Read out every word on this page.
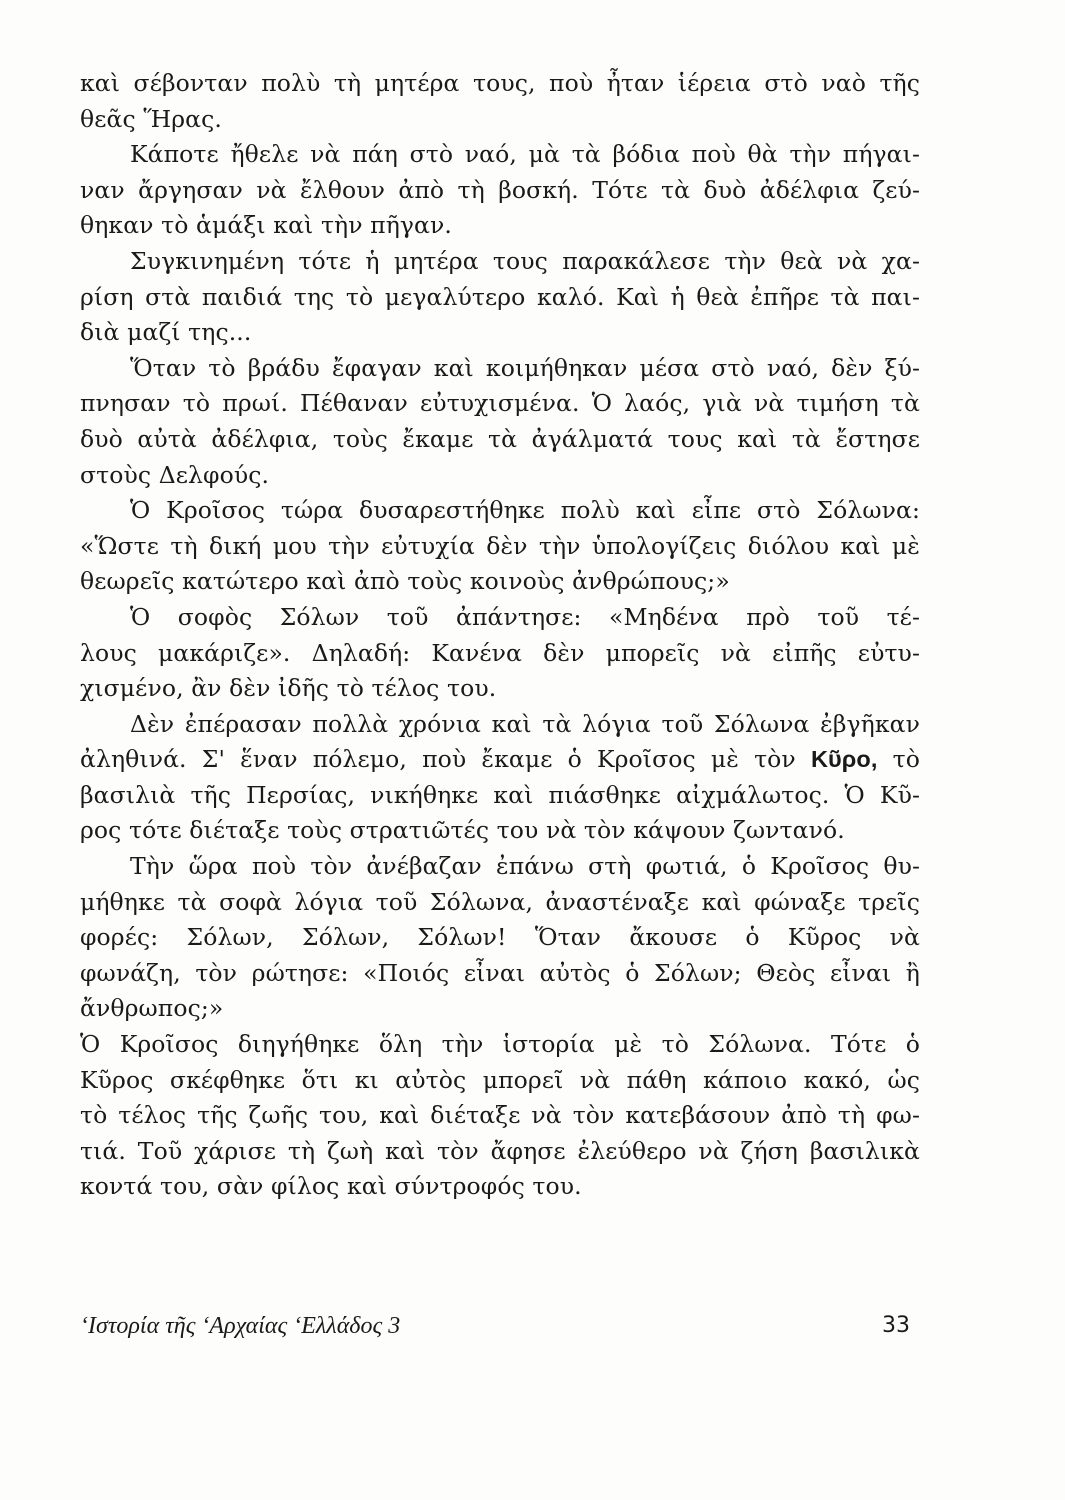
καὶ σέβονταν πολὺ τὴ μητέρα τους, ποὺ ἦταν ἱέρεια στὸ ναὸ τῆς
θεᾶς Ἥρας.
Κάποτε ἤθελε νὰ πάη στὸ ναό, μὰ τὰ βόδια ποὺ θὰ τὴν πήγαι-
ναν ἄργησαν νὰ ἔλθουν ἀπὸ τὴ βοσκή. Τότε τὰ δυὸ ἀδέλφια ζεύ-
θηκαν τὸ ἁμάξι καὶ τὴν πῆγαν.
Συγκινημένη τότε ἡ μητέρα τους παρακάλεσε τὴν θεὰ νὰ χα-
ρίση στὰ παιδιά της τὸ μεγαλύτερο καλό. Καὶ ἡ θεὰ ἐπῆρε τὰ παι-
διὰ μαζί της...
Ὅταν τὸ βράδυ ἔφαγαν καὶ κοιμήθηκαν μέσα στὸ ναό, δὲν ξύ-
πνησαν τὸ πρωί. Πέθαναν εὐτυχισμένα. Ὁ λαός, γιὰ νὰ τιμήση τὰ
δυὸ αὐτὰ ἀδέλφια, τοὺς ἔκαμε τὰ ἀγάλματά τους καὶ τὰ ἔστησε
στοὺς Δελφούς.
Ὁ Κροῖσος τώρα δυσαρεστήθηκε πολὺ καὶ εἶπε στὸ Σόλωνα:
«Ὥστε τὴ δική μου τὴν εὐτυχία δὲν τὴν ὑπολογίζεις διόλου καὶ μὲ
θεωρεῖς κατώτερο καὶ ἀπὸ τοὺς κοινοὺς ἀνθρώπους;»
Ὁ σοφὸς Σόλων τοῦ ἀπάντησε: «Μηδένα πρὸ τοῦ τέ-
λους μακάριζε». Δηλαδή: Κανένα δὲν μπορεῖς νὰ εἰπῆς εὐτυ-
χισμένο, ἂν δὲν ἰδῆς τὸ τέλος του.
Δὲν ἐπέρασαν πολλὰ χρόνια καὶ τὰ λόγια τοῦ Σόλωνα ἐβγῆκαν
ἀληθινά. Σ' ἕναν πόλεμο, ποὺ ἔκαμε ὁ Κροῖσος μὲ τὸν Κῦρο, τὸ
βασιλιὰ τῆς Περσίας, νικήθηκε καὶ πιάσθηκε αἰχμάλωτος. Ὁ Κῦ-
ρος τότε διέταξε τοὺς στρατιῶτές του νὰ τὸν κάψουν ζωντανό.
Τὴν ὥρα ποὺ τὸν ἀνέβαζαν ἐπάνω στὴ φωτιά, ὁ Κροῖσος θυ-
μήθηκε τὰ σοφὰ λόγια τοῦ Σόλωνα, ἀναστέναξε καὶ φώναξε τρεῖς
φορές: Σόλων, Σόλων, Σόλων! Ὅταν ἄκουσε ὁ Κῦρος νὰ
φωνάζη, τὸν ρώτησε: «Ποιός εἶναι αὐτὸς ὁ Σόλων; Θεὸς εἶναι ἢ
ἄνθρωπος;»
Ὁ Κροῖσος διηγήθηκε ὅλη τὴν ἱστορία μὲ τὸ Σόλωνα. Τότε ὁ
Κῦρος σκέφθηκε ὅτι κι αὐτὸς μπορεῖ νὰ πάθη κάποιο κακό, ὡς
τὸ τέλος τῆς ζωῆς του, καὶ διέταξε νὰ τὸν κατεβάσουν ἀπὸ τὴ φω-
τιά. Τοῦ χάρισε τὴ ζωὴ καὶ τὸν ἄφησε ἐλεύθερο νὰ ζήση βασιλικὰ
κοντά του, σὰν φίλος καὶ σύντροφός του.
ʻΙστορία τῆς ʻΑρχαίας ʻΕλλάδος 3	33
